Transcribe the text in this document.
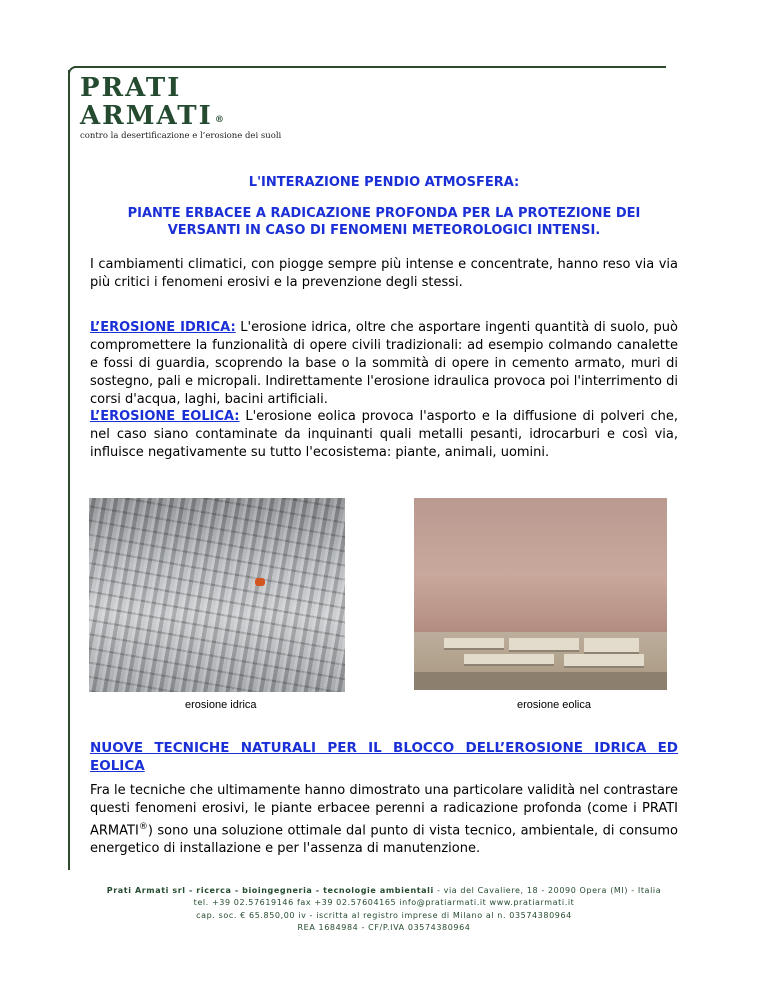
PRATI
ARMATI ®
contro la desertificazione e l’erosione dei suoli
L'INTERAZIONE PENDIO ATMOSFERA:
PIANTE ERBACEE A RADICAZIONE PROFONDA PER LA PROTEZIONE DEI VERSANTI IN CASO DI FENOMENI METEOROLOGICI INTENSI.
I cambiamenti climatici, con piogge sempre più intense e concentrate, hanno reso via via più critici i fenomeni erosivi e la prevenzione degli stessi.
L’EROSIONE IDRICA: L'erosione idrica, oltre che asportare ingenti quantità di suolo, può compromettere la funzionalità di opere civili tradizionali: ad esempio colmando canalette e fossi di guardia, scoprendo la base o la sommità di opere in cemento armato, muri di sostegno, pali e micropali. Indirettamente l'erosione idraulica provoca poi l'interrimento di corsi d'acqua, laghi, bacini artificiali.
L’EROSIONE EOLICA: L'erosione eolica provoca l'asporto e la diffusione di polveri che, nel caso siano contaminate da inquinanti quali metalli pesanti, idrocarburi e così via, influisce negativamente su tutto l'ecosistema: piante, animali, uomini.
erosione idrica	erosione eolica
NUOVE TECNICHE NATURALI PER IL BLOCCO DELL’EROSIONE IDRICA ED EOLICA
Fra le tecniche che ultimamente hanno dimostrato una particolare validità nel contrastare questi fenomeni erosivi, le piante erbacee perenni a radicazione profonda (come i PRATI ARMATI®) sono una soluzione ottimale dal punto di vista tecnico, ambientale, di consumo energetico di installazione e per l'assenza di manutenzione.
Prati Armati srl - ricerca - bioingegneria - tecnologie ambientali - via del Cavaliere, 18 - 20090 Opera (MI) - Italia
tel. +39 02.57619146 fax +39 02.57604165 info@pratiarmati.it www.pratiarmati.it
cap. soc. € 65.850,00 iv - iscritta al registro imprese di Milano al n. 03574380964
REA 1684984 - CF/P.IVA 03574380964
